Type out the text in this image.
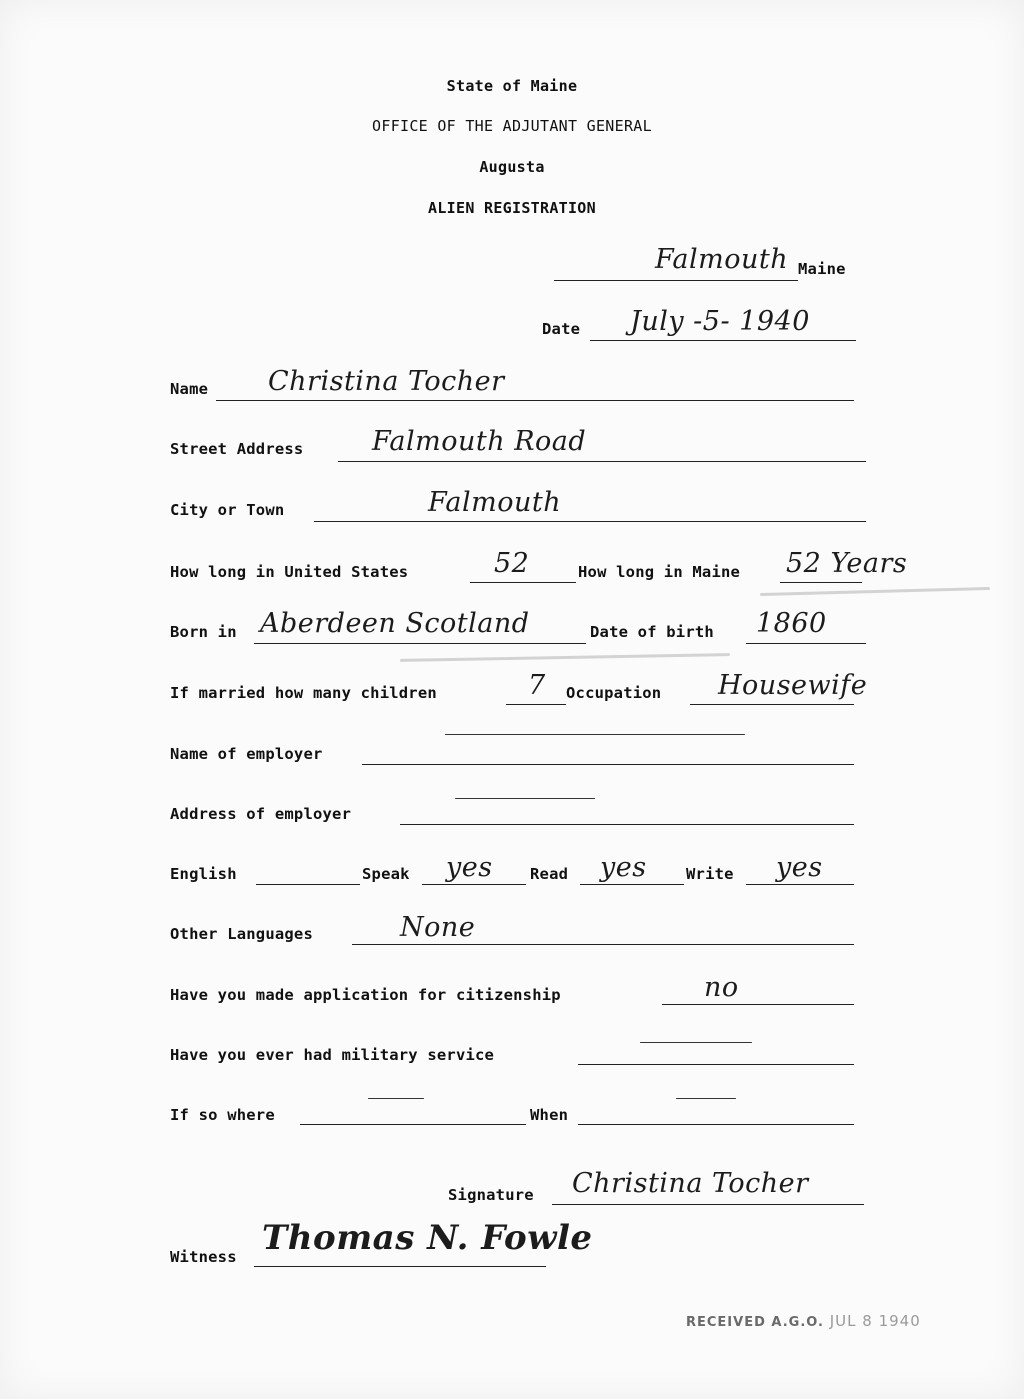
State of Maine
OFFICE OF THE ADJUTANT GENERAL
Augusta
ALIEN REGISTRATION
Falmouth Maine
Date July -5- 1940
Name Christina Tocher
Street Address	Falmouth Road
City or Town	Falmouth
How long in United States	52	How long in Maine 52 Years
Born in Aberdeen Scotland	Date of birth 1860
If married how many children	7 Occupation Housewife
Name of employer
Address of employer
English	Speak yes Read yes	Write yes
Other Languages	None
Have you made application for citizenship	no
Have you ever had military service
If so where	When
Signature Christina Tocher
Witness Thomas N. Fowle
RECEIVED A.G.O. JUL 8 1940
